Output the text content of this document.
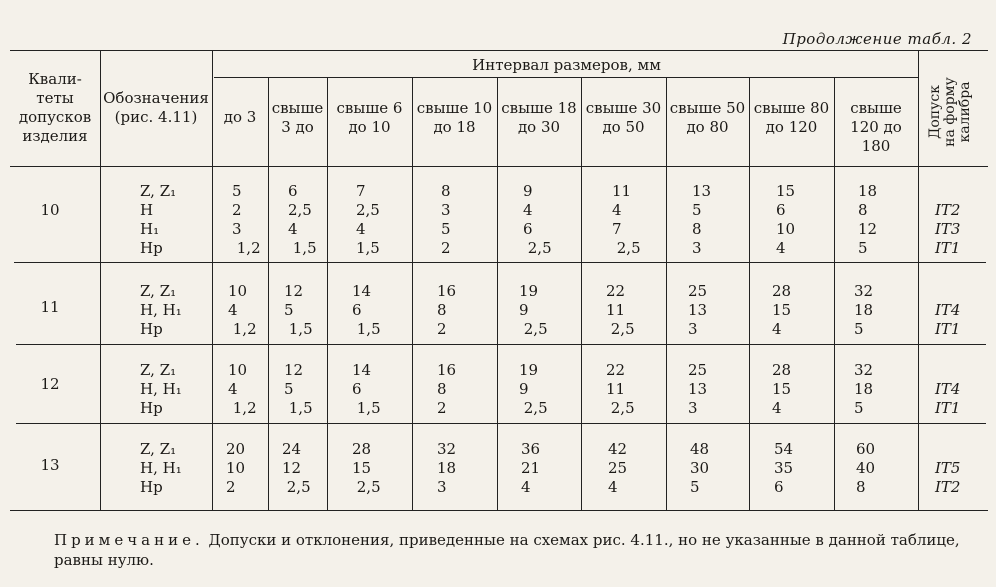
Продолжение табл. 2
Квали-
теты
допусков
изделия
Обозначения
(рис. 4.11)
Интервал размеров, мм
до 3	свыше
3 до
свыше 6
до 10
свыше 10
до 18
свыше 18
до 30
свыше 30
до 50
свыше 50
до 80
свыше 80
до 120
свыше
120 до 180
Допуск
на форму
калибра
10
Z, Z₁
H
H₁
Hp
5
2
3
1,2
6
2,5
4
1,5
7
2,5
4
1,5
8
3
5
2
9
4
6
2,5
11
4
7
2,5
13
5
8
3
15
6
10
4
18
8
12
5

IT2
IT3
IT1
11
Z, Z₁
H, H₁
Hp
10
4
1,2
12
5
1,5
14
6
1,5
16
8
2
19
9
2,5
22
11
2,5
25
13
3
28
15
4
32
18
5

IT4
IT1
12
Z, Z₁
H, H₁
Hp
10
4
1,2
12
5
1,5
14
6
1,5
16
8
2
19
9
2,5
22
11
2,5
25
13
3
28
15
4
32
18
5

IT4
IT1
13
Z, Z₁
H, H₁
Hp
20
10
2
24
12
2,5
28
15
2,5
32
18
3
36
21
4
42
25
4
48
30
5
54
35
6
60
40
8

IT5
IT2
Примечание. Допуски и отклонения, приведенные на схемах рис. 4.11., но не указанные в данной таблице, равны нулю.
